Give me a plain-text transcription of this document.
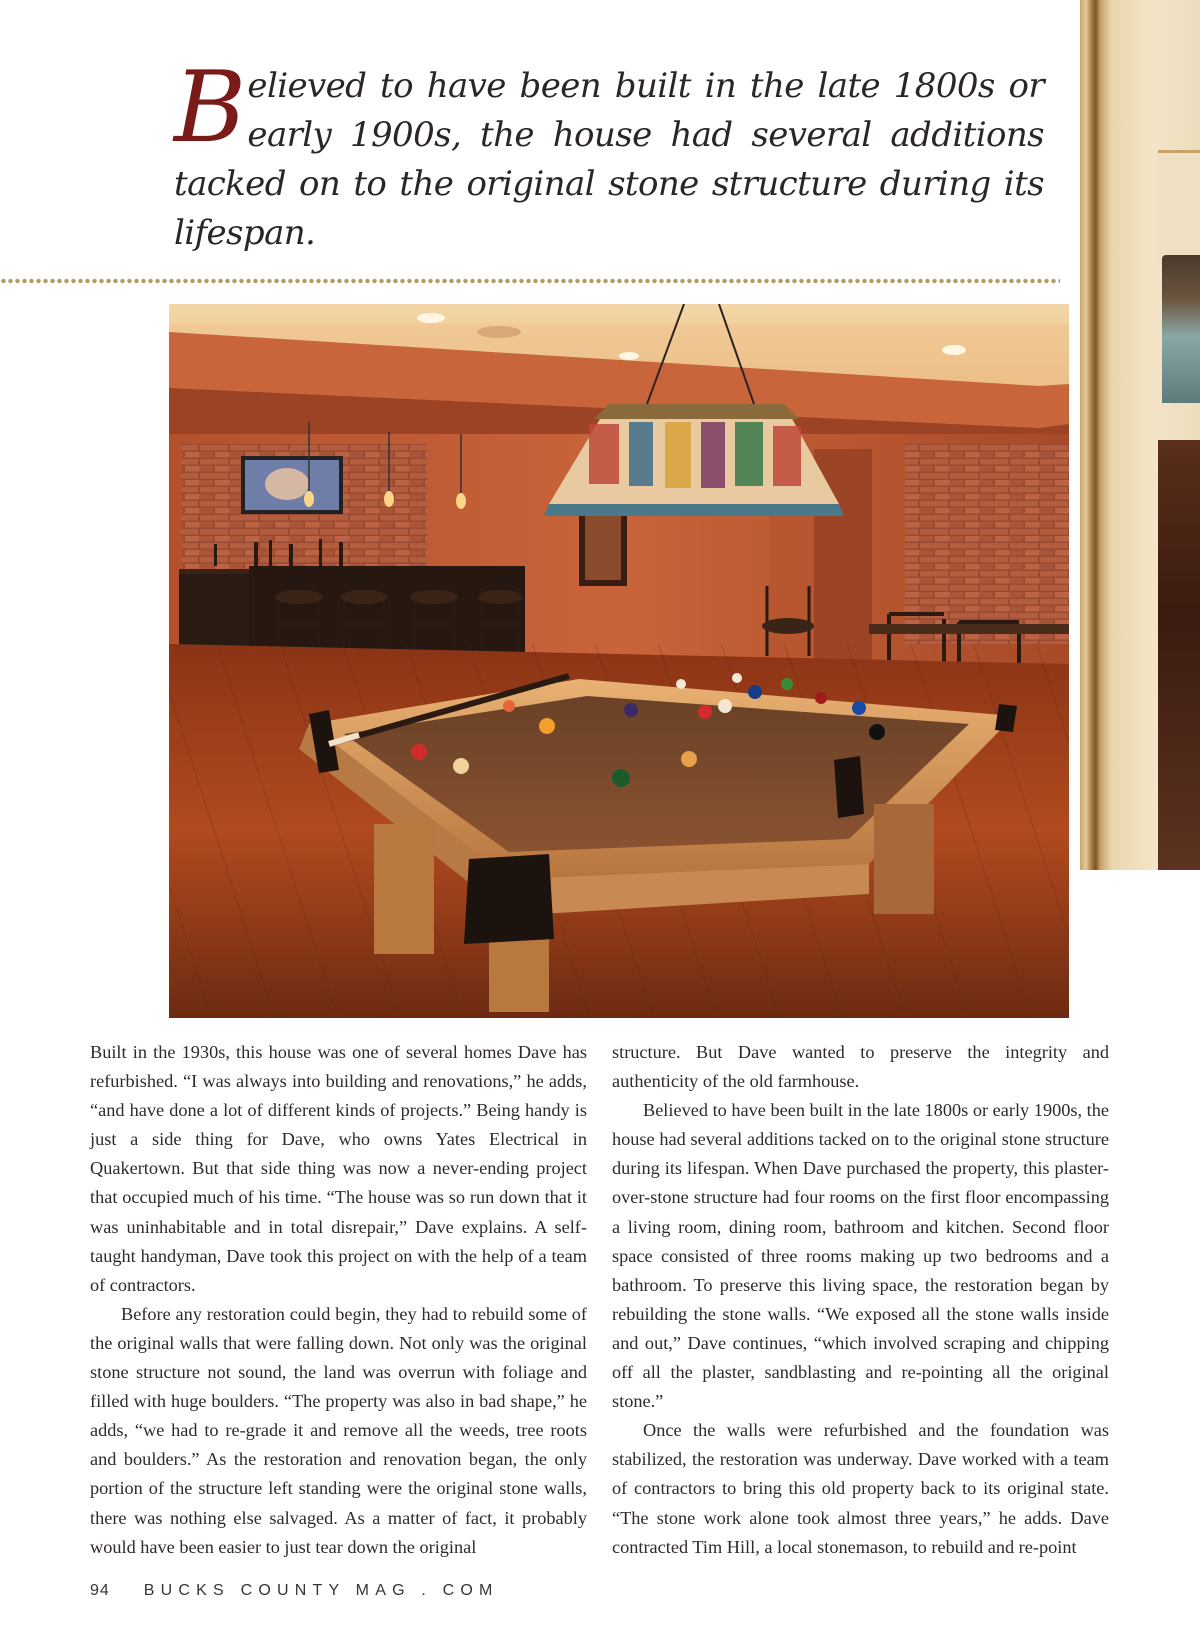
Believed to have been built in the late 1800s or early 1900s, the house had several additions tacked on to the original stone structure during its lifespan.

Built in the 1930s, this house was one of several homes Dave has refurbished. “I was always into building and renovations,” he adds, “and have done a lot of different kinds of projects.” Being handy is just a side thing for Dave, who owns Yates Electrical in Quakertown. But that side thing was now a never-ending project that occupied much of his time. “The house was so run down that it was uninhabitable and in total disrepair,” Dave explains. A self-taught handyman, Dave took this project on with the help of a team of contractors.

Before any restoration could begin, they had to rebuild some of the original walls that were falling down. Not only was the original stone structure not sound, the land was overrun with foliage and filled with huge boulders. “The property was also in bad shape,” he adds, “we had to re-grade it and remove all the weeds, tree roots and boulders.” As the restoration and renovation began, the only portion of the structure left standing were the original stone walls, there was nothing else salvaged. As a matter of fact, it probably would have been easier to just tear down the original

structure. But Dave wanted to preserve the integrity and authenticity of the old farmhouse.

Believed to have been built in the late 1800s or early 1900s, the house had several additions tacked on to the original stone structure during its lifespan. When Dave purchased the property, this plaster-over-stone structure had four rooms on the first floor encompassing a living room, dining room, bathroom and kitchen. Second floor space consisted of three rooms making up two bedrooms and a bathroom. To preserve this living space, the restoration began by rebuilding the stone walls. “We exposed all the stone walls inside and out,” Dave continues, “which involved scraping and chipping off all the plaster, sandblasting and re-pointing all the original stone.”

Once the walls were refurbished and the foundation was stabilized, the restoration was underway. Dave worked with a team of contractors to bring this old property back to its original state. “The stone work alone took almost three years,” he adds. Dave contracted Tim Hill, a local stonemason, to rebuild and re-point

94 BUCKS COUNTY MAG . COM
